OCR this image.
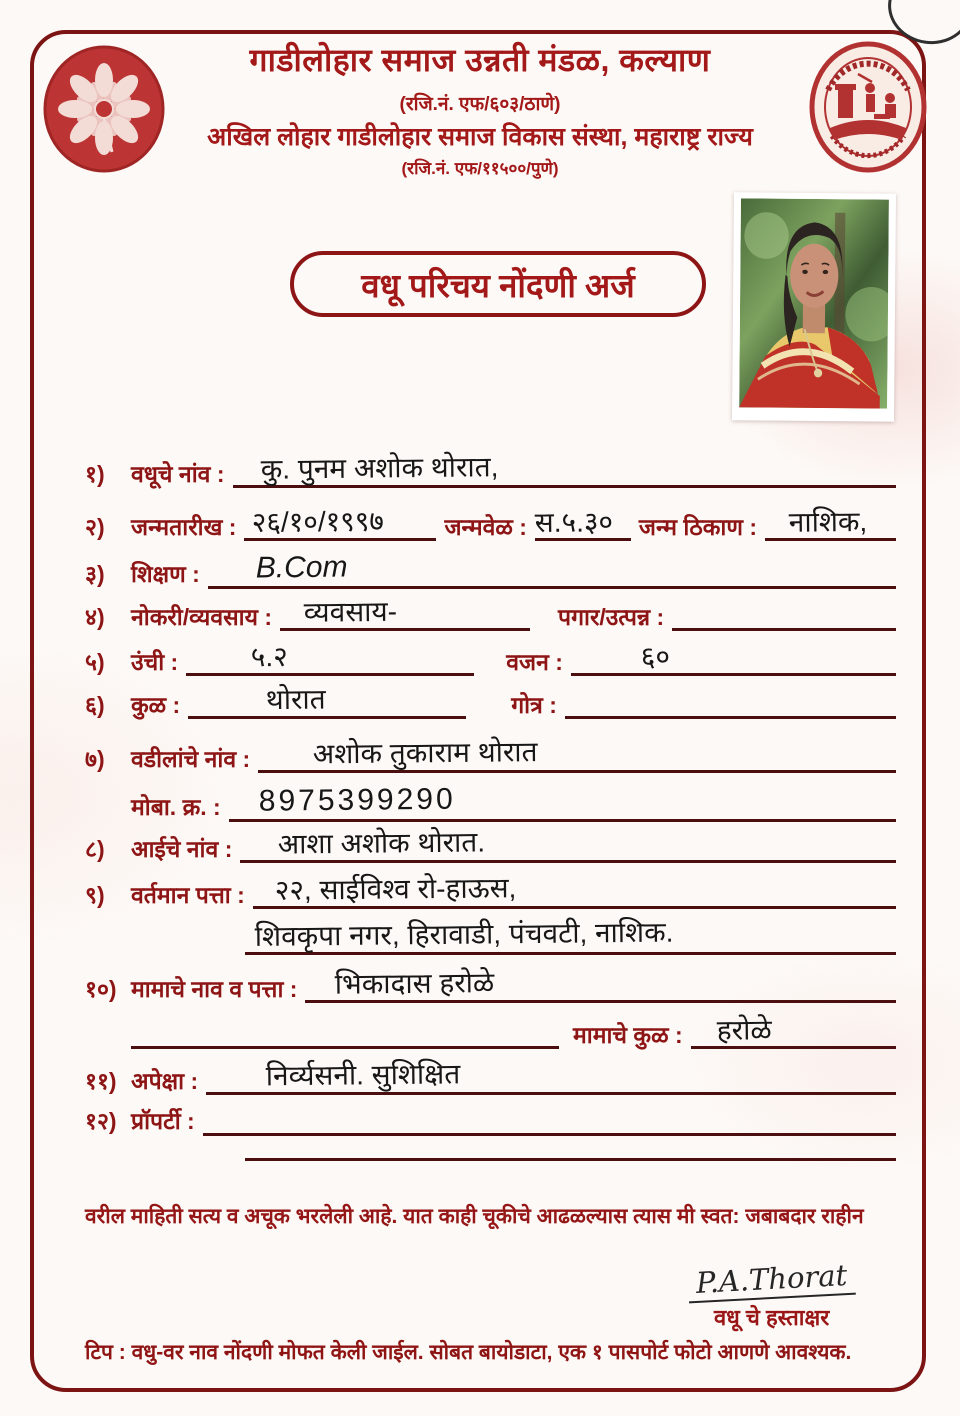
गाडीलोहार समाज उन्नती मंडळ, कल्याण
(रजि.नं. एफ/६०३/ठाणे)
अखिल लोहार गाडीलोहार समाज विकास संस्था, महाराष्ट्र राज्य
(रजि.नं. एफ/११५००/पुणे)
वधू परिचय नोंदणी अर्ज
१)	वधूचे नांव :	कु. पुनम अशोक थोरात,
२)	जन्मतारीख : २६/१०/१९९७	जन्मवेळ : स.५.३०	जन्म ठिकाण :	नाशिक,
३)	शिक्षण :	B.Com
४)	नोकरी/व्यवसाय :	व्यवसाय-	पगार/उत्पन्न :
५)	उंची :	५.२	वजन :	६०
६)	कुळ :	थोरात	गोत्र :
७)	वडीलांचे नांव :	अशोक तुकाराम थोरात
मोबा. क्र. :	8975399290
८)	आईचे नांव :	आशा अशोक थोरात.
९)	वर्तमान पत्ता :	२२, साईविश्व रो-हाऊस,
शिवकृपा नगर, हिरावाडी, पंचवटी, नाशिक.
१०) मामाचे नाव व पत्ता :	भिकादास हरोळे
मामाचे कुळ :	हरोळे
११) अपेक्षा :	निर्व्यसनी. सुशिक्षित
१२) प्रॉपर्टी :
वरील माहिती सत्य व अचूक भरलेली आहे. यात काही चूकीचे आढळल्यास त्यास मी स्वत: जबाबदार राहीन
P.A.Thorat
वधू चे हस्ताक्षर
टिप : वधु-वर नाव नोंदणी मोफत केली जाईल. सोबत बायोडाटा, एक १ पासपोर्ट फोटो आणणे आवश्यक.
